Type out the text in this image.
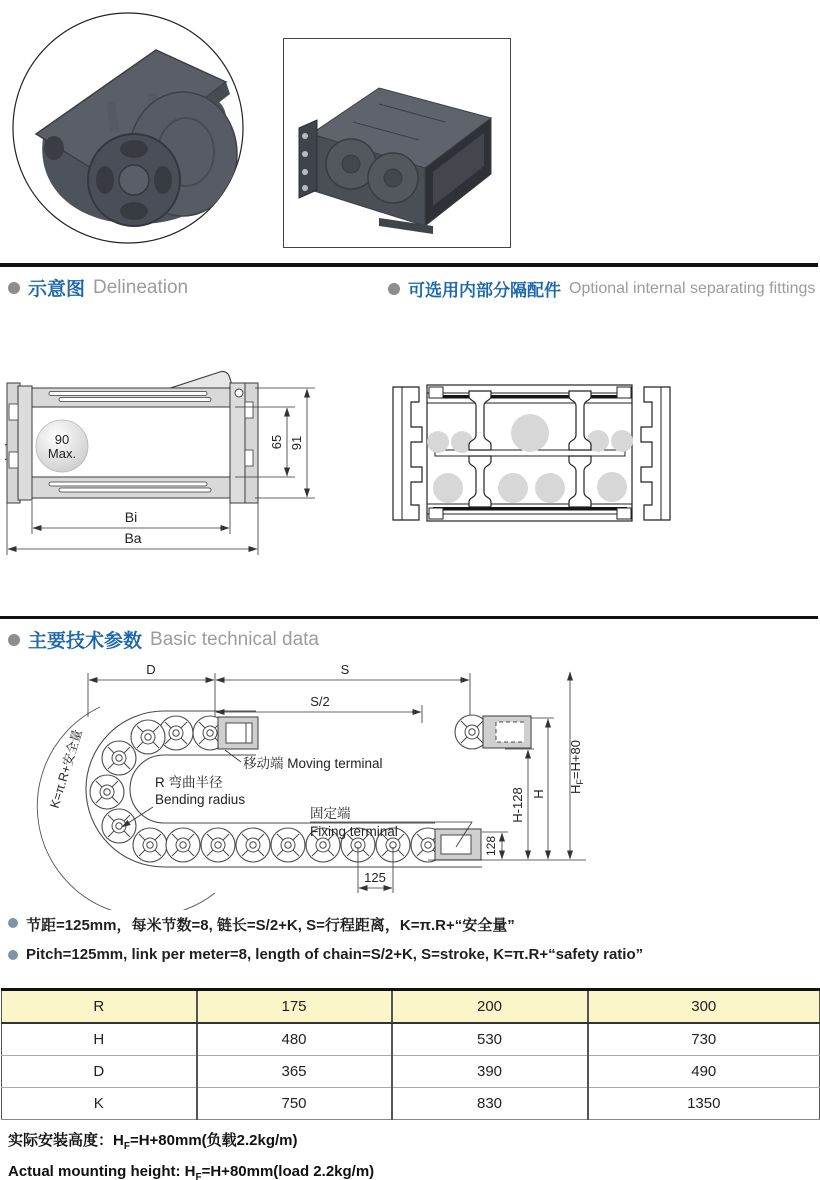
示意图 Delineation	可选用内部分隔配件 Optional internal separating fittings
90
Max.
65 91
Bi
Ba
主要技术参数 Basic technical data
D	S
S/2
移动端 Moving terminal
R 弯曲半径
Bending radius
固定端
Fixing terminal
K=π.R+安全量	H-128 H
128
$H_F=H+80$
125
节距=125mm，每米节数=8, 链长=S/2+K, S=行程距离，K=π.R+“安全量”
Pitch=125mm, link per meter=8, length of chain=S/2+K, S=stroke, K=π.R+“safety ratio”
R	175	200	300
H	480	530	730
D	365	390	490
K	750	830	1350
实际安装高度：$H_F=H+80mm$(负载2.2kg/m)
Actual mounting height: $H_F=H+80mm(load$ 2.2kg/m)
